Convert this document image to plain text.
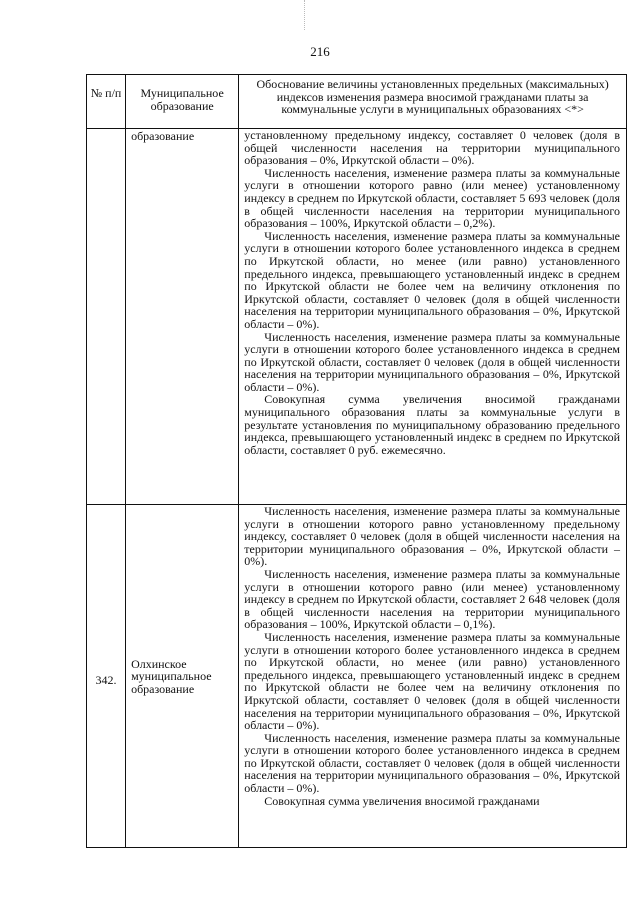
216
№ п/п	Муниципальное образование	Обоснование величины установленных предельных (максимальных) индексов изменения размера вносимой гражданами платы за коммунальные услуги в муниципальных образованиях <*>
	образование	установленному предельному индексу, составляет 0 человек (доля в общей численности населения на территории муниципального образования – 0%, Иркутской области – 0%).

Численность населения, изменение размера платы за коммунальные услуги в отношении которого равно (или менее) установленному индексу в среднем по Иркутской области, составляет 5 693 человек (доля в общей численности населения на территории муниципального образования – 100%, Иркутской области – 0,2%).

Численность населения, изменение размера платы за коммунальные услуги в отношении которого более установленного индекса в среднем по Иркутской области, но менее (или равно) установленного предельного индекса, превышающего установленный индекс в среднем по Иркутской области не более чем на величину отклонения по Иркутской области, составляет 0 человек (доля в общей численности населения на территории муниципального образования – 0%, Иркутской области – 0%).

Численность населения, изменение размера платы за коммунальные услуги в отношении которого более установленного индекса в среднем по Иркутской области, составляет 0 человек (доля в общей численности населения на территории муниципального образования – 0%, Иркутской области – 0%).

Совокупная сумма увеличения вносимой гражданами муниципального образования платы за коммунальные услуги в результате установления по муниципальному образованию предельного индекса, превышающего установленный индекс в среднем по Иркутской области, составляет 0 руб. ежемесячно.

342.	Олхинское муниципальное образование	Численность населения, изменение размера платы за коммунальные услуги в отношении которого равно установленному предельному индексу, составляет 0 человек (доля в общей численности населения на территории муниципального образования – 0%, Иркутской области – 0%).

Численность населения, изменение размера платы за коммунальные услуги в отношении которого равно (или менее) установленному индексу в среднем по Иркутской области, составляет 2 648 человек (доля в общей численности населения на территории муниципального образования – 100%, Иркутской области – 0,1%).

Численность населения, изменение размера платы за коммунальные услуги в отношении которого более установленного индекса в среднем по Иркутской области, но менее (или равно) установленного предельного индекса, превышающего установленный индекс в среднем по Иркутской области не более чем на величину отклонения по Иркутской области, составляет 0 человек (доля в общей численности населения на территории муниципального образования – 0%, Иркутской области – 0%).

Численность населения, изменение размера платы за коммунальные услуги в отношении которого более установленного индекса в среднем по Иркутской области, составляет 0 человек (доля в общей численности населения на территории муниципального образования – 0%, Иркутской области – 0%).

Совокупная сумма увеличения вносимой гражданами
